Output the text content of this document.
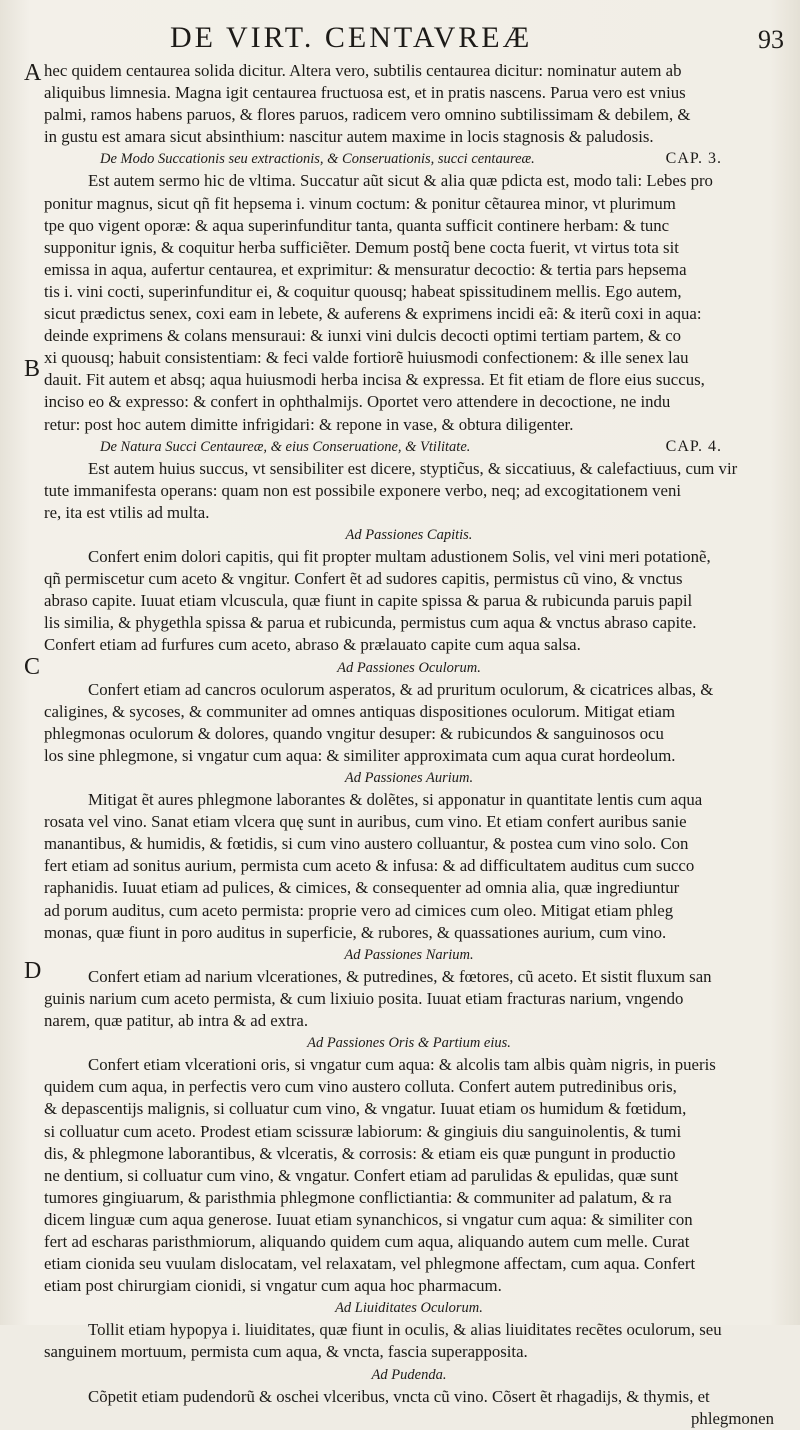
DE VIRT. CENTAVREÆ	93
A
B
C
D
hec quidem centaurea solida dicitur. Altera vero, subtilis centaurea dicitur: nominatur autem ab
aliquibus limnesia. Magna igit centaurea fructuosa est, et in pratis nascens. Parua vero est vnius
palmi, ramos habens paruos, & flores paruos, radicem vero omnino subtilissimam & debilem, &
in gustu est amara sicut absinthium: nascitur autem maxime in locis stagnosis & paludosis.
De Modo Succationis seu extractionis, & Conseruationis, succi centaureæ.	CAP. 3.
Est autem sermo hic de vltima. Succatur aũt sicut & alia quæ pdicta est, modo tali: Lebes pro
ponitur magnus, sicut qñ fit hepsema i. vinum coctum: & ponitur cẽtaurea minor, vt plurimum
tpe quo vigent oporæ: & aqua superinfunditur tanta, quanta sufficit continere herbam: & tunc
supponitur ignis, & coquitur herba sufficiẽter. Demum postq̃ bene cocta fuerit, vt virtus tota sit
emissa in aqua, aufertur centaurea, et exprimitur: & mensuratur decoctio: & tertia pars hepsema
tis i. vini cocti, superinfunditur ei, & coquitur quousq; habeat spissitudinem mellis. Ego autem,
sicut prædictus senex, coxi eam in lebete, & auferens & exprimens incidi eã: & iterũ coxi in aqua:
deinde exprimens & colans mensuraui: & iunxi vini dulcis decocti optimi tertiam partem, & co
xi quousq; habuit consistentiam: & feci valde fortiorẽ huiusmodi confectionem: & ille senex lau
dauit. Fit autem et absq; aqua huiusmodi herba incisa & expressa. Et fit etiam de flore eius succus,
inciso eo & expresso: & confert in ophthalmijs. Oportet vero attendere in decoctione, ne indu
retur: post hoc autem dimitte infrigidari: & repone in vase, & obtura diligenter.
De Natura Succi Centaureæ, & eius Conseruatione, & Vtilitate.	CAP. 4.
Est autem huius succus, vt sensibiliter est dicere, styptic̃us, & siccatiuus, & calefactiuus, cum vir
tute immanifesta operans: quam non est possibile exponere verbo, neq; ad excogitationem veni
re, ita est vtilis ad multa.
Ad Passiones Capitis.
Confert enim dolori capitis, qui fit propter multam adustionem Solis, vel vini meri potationẽ,
qñ permiscetur cum aceto & vngitur. Confert ẽt ad sudores capitis, permistus cũ vino, & vnctus
abraso capite. Iuuat etiam vlcuscula, quæ fiunt in capite spissa & parua & rubicunda paruis papil
lis similia, & phygethla spissa & parua et rubicunda, permistus cum aqua & vnctus abraso capite.
Confert etiam ad furfures cum aceto, abraso & prælauato capite cum aqua salsa.
Ad Passiones Oculorum.
Confert etiam ad cancros oculorum asperatos, & ad pruritum oculorum, & cicatrices albas, &
caligines, & sycoses, & communiter ad omnes antiquas dispositiones oculorum. Mitigat etiam
phlegmonas oculorum & dolores, quando vngitur desuper: & rubicundos & sanguinosos ocu
los sine phlegmone, si vngatur cum aqua: & similiter approximata cum aqua curat hordeolum.
Ad Passiones Aurium.
Mitigat ẽt aures phlegmone laborantes & dolẽtes, si apponatur in quantitate lentis cum aqua
rosata vel vino. Sanat etiam vlcera quę sunt in auribus, cum vino. Et etiam confert auribus sanie
manantibus, & humidis, & fœtidis, si cum vino austero colluantur, & postea cum vino solo. Con
fert etiam ad sonitus aurium, permista cum aceto & infusa: & ad difficultatem auditus cum succo
raphanidis. Iuuat etiam ad pulices, & cimices, & consequenter ad omnia alia, quæ ingrediuntur
ad porum auditus, cum aceto permista: proprie vero ad cimices cum oleo. Mitigat etiam phleg
monas, quæ fiunt in poro auditus in superficie, & rubores, & quassationes aurium, cum vino.
Ad Passiones Narium.
Confert etiam ad narium vlcerationes, & putredines, & fœtores, cũ aceto. Et sistit fluxum san
guinis narium cum aceto permista, & cum lixiuio posita. Iuuat etiam fracturas narium, vngendo
narem, quæ patitur, ab intra & ad extra.
Ad Passiones Oris & Partium eius.
Confert etiam vlcerationi oris, si vngatur cum aqua: & alcolis tam albis quàm nigris, in pueris
quidem cum aqua, in perfectis vero cum vino austero colluta. Confert autem putredinibus oris,
& depascentijs malignis, si colluatur cum vino, & vngatur. Iuuat etiam os humidum & fœtidum,
si colluatur cum aceto. Prodest etiam scissuræ labiorum: & gingiuis diu sanguinolentis, & tumi
dis, & phlegmone laborantibus, & vlceratis, & corrosis: & etiam eis quæ pungunt in productio
ne dentium, si colluatur cum vino, & vngatur. Confert etiam ad parulidas & epulidas, quæ sunt
tumores gingiuarum, & paristhmia phlegmone conflictiantia: & communiter ad palatum, & ra
dicem linguæ cum aqua generose. Iuuat etiam synanchicos, si vngatur cum aqua: & similiter con
fert ad escharas paristhmiorum, aliquando quidem cum aqua, aliquando autem cum melle. Curat
etiam cionida seu vuulam dislocatam, vel relaxatam, vel phlegmone affectam, cum aqua. Confert
etiam post chirurgiam cionidi, si vngatur cum aqua hoc pharmacum.
Ad Liuiditates Oculorum.
Tollit etiam hypopya i. liuiditates, quæ fiunt in oculis, & alias liuiditates recẽtes oculorum, seu
sanguinem mortuum, permista cum aqua, & vncta, fascia superapposita.
Ad Pudenda.
Cõpetit etiam pudendorũ & oschei vlceribus, vncta cũ vino. Cõsert ẽt rhagadijs, & thymis, et
phlegmonen
